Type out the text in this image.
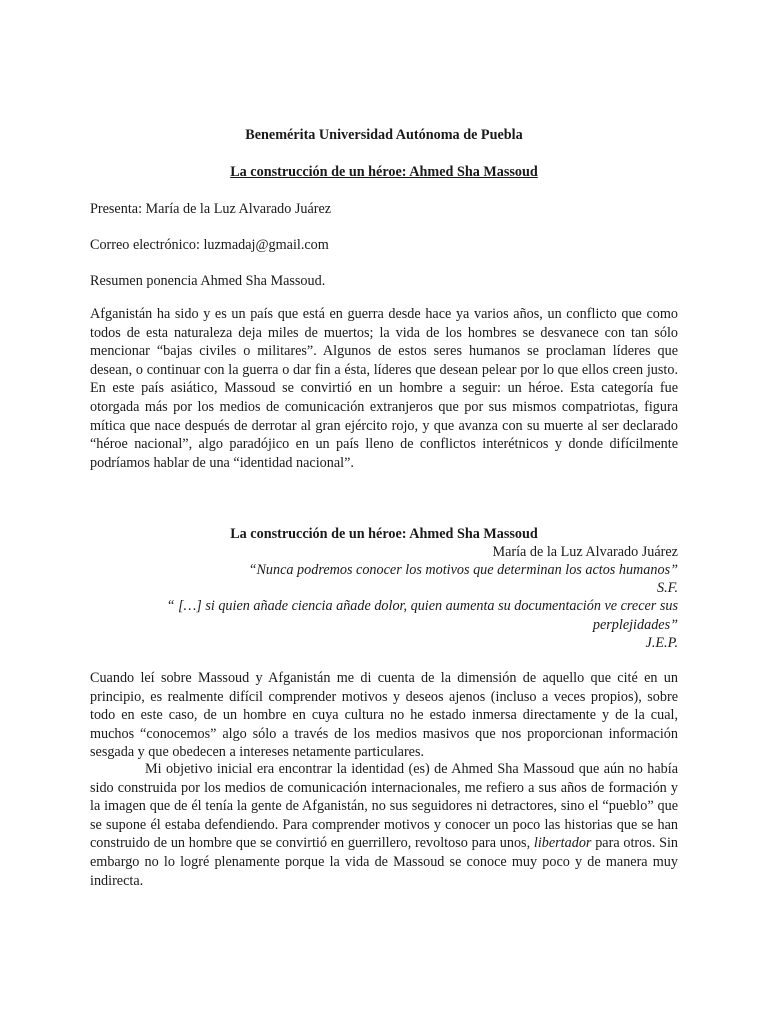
Benemérita Universidad Autónoma de Puebla
La construcción de un héroe: Ahmed Sha Massoud
Presenta: María de la Luz Alvarado Juárez
Correo electrónico: luzmadaj@gmail.com
Resumen ponencia Ahmed Sha Massoud.
Afganistán ha sido y es un país que está en guerra desde hace ya varios años, un conflicto que como todos de esta naturaleza deja miles de muertos; la vida de los hombres se desvanece con tan sólo mencionar “bajas civiles o militares”. Algunos de estos seres humanos se proclaman líderes que desean, o continuar con la guerra o dar fin a ésta, líderes que desean pelear por lo que ellos creen justo. En este país asiático, Massoud se convirtió en un hombre a seguir: un héroe. Esta categoría fue otorgada más por los medios de comunicación extranjeros que por sus mismos compatriotas, figura mítica que nace después de derrotar al gran ejército rojo, y que avanza con su muerte al ser declarado “héroe nacional”, algo paradójico en un país lleno de conflictos interétnicos y donde difícilmente podríamos hablar de una “identidad nacional”.
La construcción de un héroe: Ahmed Sha Massoud
María de la Luz Alvarado Juárez
“Nunca podremos conocer los motivos que determinan los actos humanos”
S.F.
“ […] si quien añade ciencia añade dolor, quien aumenta su documentación ve crecer sus perplejidades”
J.E.P.
Cuando leí sobre Massoud y Afganistán me di cuenta de la dimensión de aquello que cité en un principio, es realmente difícil comprender motivos y deseos ajenos (incluso a veces propios), sobre todo en este caso, de un hombre en cuya cultura no he estado inmersa directamente y de la cual, muchos “conocemos” algo sólo a través de los medios masivos que nos proporcionan información sesgada y que obedecen a intereses netamente particulares.
Mi objetivo inicial era encontrar la identidad (es) de Ahmed Sha Massoud que aún no había sido construida por los medios de comunicación internacionales, me refiero a sus años de formación y la imagen que de él tenía la gente de Afganistán, no sus seguidores ni detractores, sino el “pueblo” que se supone él estaba defendiendo. Para comprender motivos y conocer un poco las historias que se han construido de un hombre que se convirtió en guerrillero, revoltoso para unos, libertador para otros. Sin embargo no lo logré plenamente porque la vida de Massoud se conoce muy poco y de manera muy indirecta.
